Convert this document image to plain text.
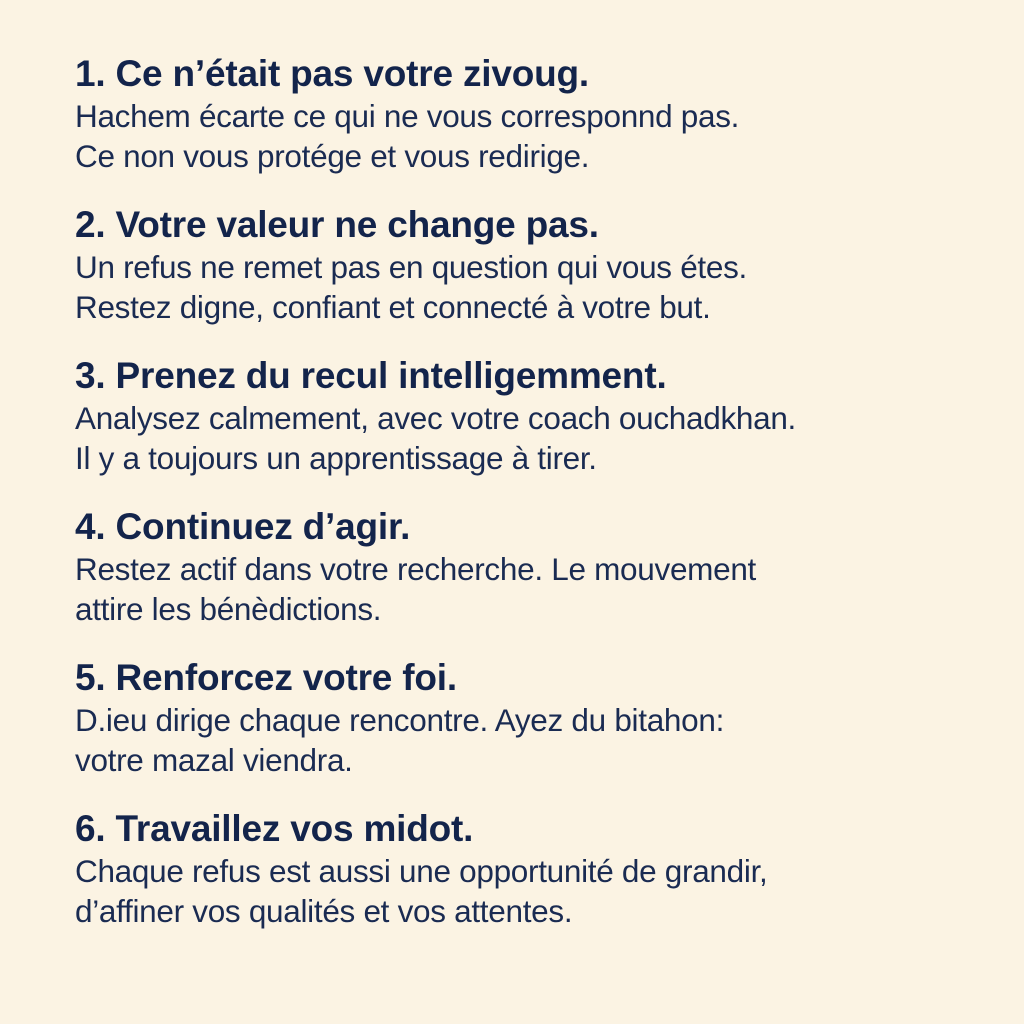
1. Ce n’était pas votre zivoug.
Hachem écarte ce qui ne vous corresponnd pas.
Ce non vous protége et vous redirige.
2. Votre valeur ne change pas.
Un refus ne remet pas en question qui vous étes.
Restez digne, confiant et connecté à votre but.
3. Prenez du recul intelligemment.
Analysez calmement, avec votre coach ouchadkhan.
Il y a toujours un apprentissage à tirer.
4. Continuez d’agir.
Restez actif dans votre recherche. Le mouvement
attire les bénèdictions.
5. Renforcez votre foi.
D.ieu dirige chaque rencontre. Ayez du bitahon:
votre mazal viendra.
6. Travaillez vos midot.
Chaque refus est aussi une opportunité de grandir,
d’affiner vos qualités et vos attentes.
